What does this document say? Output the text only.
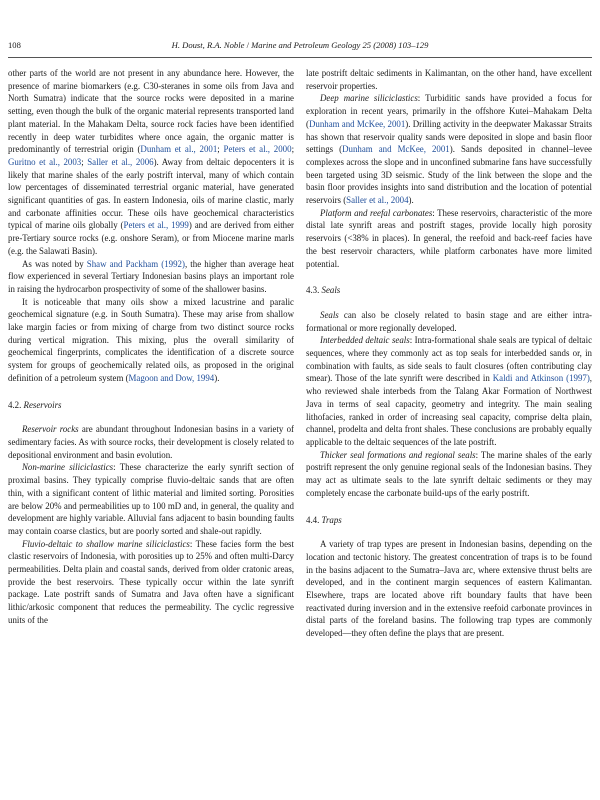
108	H. Doust, R.A. Noble / Marine and Petroleum Geology 25 (2008) 103–129

other parts of the world are not present in any abundance here. However, the presence of marine biomarkers (e.g. C30-steranes in some oils from Java and North Sumatra) indicate that the source rocks were deposited in a marine setting, even though the bulk of the organic material represents transported land plant material. In the Mahakam Delta, source rock facies have been identified recently in deep water turbidites where once again, the organic matter is predominantly of terrestrial origin (Dunham et al., 2001; Peters et al., 2000; Guritno et al., 2003; Saller et al., 2006). Away from deltaic depocenters it is likely that marine shales of the early postrift interval, many of which contain low percentages of disseminated terrestrial organic material, have generated significant quantities of gas. In eastern Indonesia, oils of marine clastic, marly and carbonate affinities occur. These oils have geochemical characteristics typical of marine oils globally (Peters et al., 1999) and are derived from either pre-Tertiary source rocks (e.g. onshore Seram), or from Miocene marine marls (e.g. the Salawati Basin).

As was noted by Shaw and Packham (1992), the higher than average heat flow experienced in several Tertiary Indonesian basins plays an important role in raising the hydrocarbon prospectivity of some of the shallower basins.

It is noticeable that many oils show a mixed lacustrine and paralic geochemical signature (e.g. in South Sumatra). These may arise from shallow lake margin facies or from mixing of charge from two distinct source rocks during vertical migration. This mixing, plus the overall similarity of geochemical fingerprints, complicates the identification of a discrete source system for groups of geochemically related oils, as proposed in the original definition of a petroleum system (Magoon and Dow, 1994).

4.2. Reservoirs

Reservoir rocks are abundant throughout Indonesian basins in a variety of sedimentary facies. As with source rocks, their development is closely related to depositional environment and basin evolution.

Non-marine siliciclastics: These characterize the early synrift section of proximal basins. They typically comprise fluvio-deltaic sands that are often thin, with a significant content of lithic material and limited sorting. Porosities are below 20% and permeabilities up to 100 mD and, in general, the quality and development are highly variable. Alluvial fans adjacent to basin bounding faults may contain coarse clastics, but are poorly sorted and shale-out rapidly.

Fluvio-deltaic to shallow marine siliciclastics: These facies form the best clastic reservoirs of Indonesia, with porosities up to 25% and often multi-Darcy permeabilities. Delta plain and coastal sands, derived from older cratonic areas, provide the best reservoirs. These typically occur within the late synrift package. Late postrift sands of Sumatra and Java often have a significant lithic/arkosic component that reduces the permeability. The cyclic regressive units of the

late postrift deltaic sediments in Kalimantan, on the other hand, have excellent reservoir properties.

Deep marine siliciclastics: Turbiditic sands have provided a focus for exploration in recent years, primarily in the offshore Kutei–Mahakam Delta (Dunham and McKee, 2001). Drilling activity in the deepwater Makassar Straits has shown that reservoir quality sands were deposited in slope and basin floor settings (Dunham and McKee, 2001). Sands deposited in channel–levee complexes across the slope and in unconfined submarine fans have successfully been targeted using 3D seismic. Study of the link between the slope and the basin floor provides insights into sand distribution and the location of potential reservoirs (Saller et al., 2004).

Platform and reefal carbonates: These reservoirs, characteristic of the more distal late synrift areas and postrift stages, provide locally high porosity reservoirs (<38% in places). In general, the reefoid and back-reef facies have the best reservoir characters, while platform carbonates have more limited potential.

4.3. Seals

Seals can also be closely related to basin stage and are either intra-formational or more regionally developed.

Interbedded deltaic seals: Intra-formational shale seals are typical of deltaic sequences, where they commonly act as top seals for interbedded sands or, in combination with faults, as side seals to fault closures (often contributing clay smear). Those of the late synrift were described in Kaldi and Atkinson (1997), who reviewed shale interbeds from the Talang Akar Formation of Northwest Java in terms of seal capacity, geometry and integrity. The main sealing lithofacies, ranked in order of increasing seal capacity, comprise delta plain, channel, prodelta and delta front shales. These conclusions are probably equally applicable to the deltaic sequences of the late postrift.

Thicker seal formations and regional seals: The marine shales of the early postrift represent the only genuine regional seals of the Indonesian basins. They may act as ultimate seals to the late synrift deltaic sediments or they may completely encase the carbonate build-ups of the early postrift.

4.4. Traps

A variety of trap types are present in Indonesian basins, depending on the location and tectonic history. The greatest concentration of traps is to be found in the basins adjacent to the Sumatra–Java arc, where extensive thrust belts are developed, and in the continent margin sequences of eastern Kalimantan. Elsewhere, traps are located above rift boundary faults that have been reactivated during inversion and in the extensive reefoid carbonate provinces in distal parts of the foreland basins. The following trap types are commonly developed—they often define the plays that are present.
